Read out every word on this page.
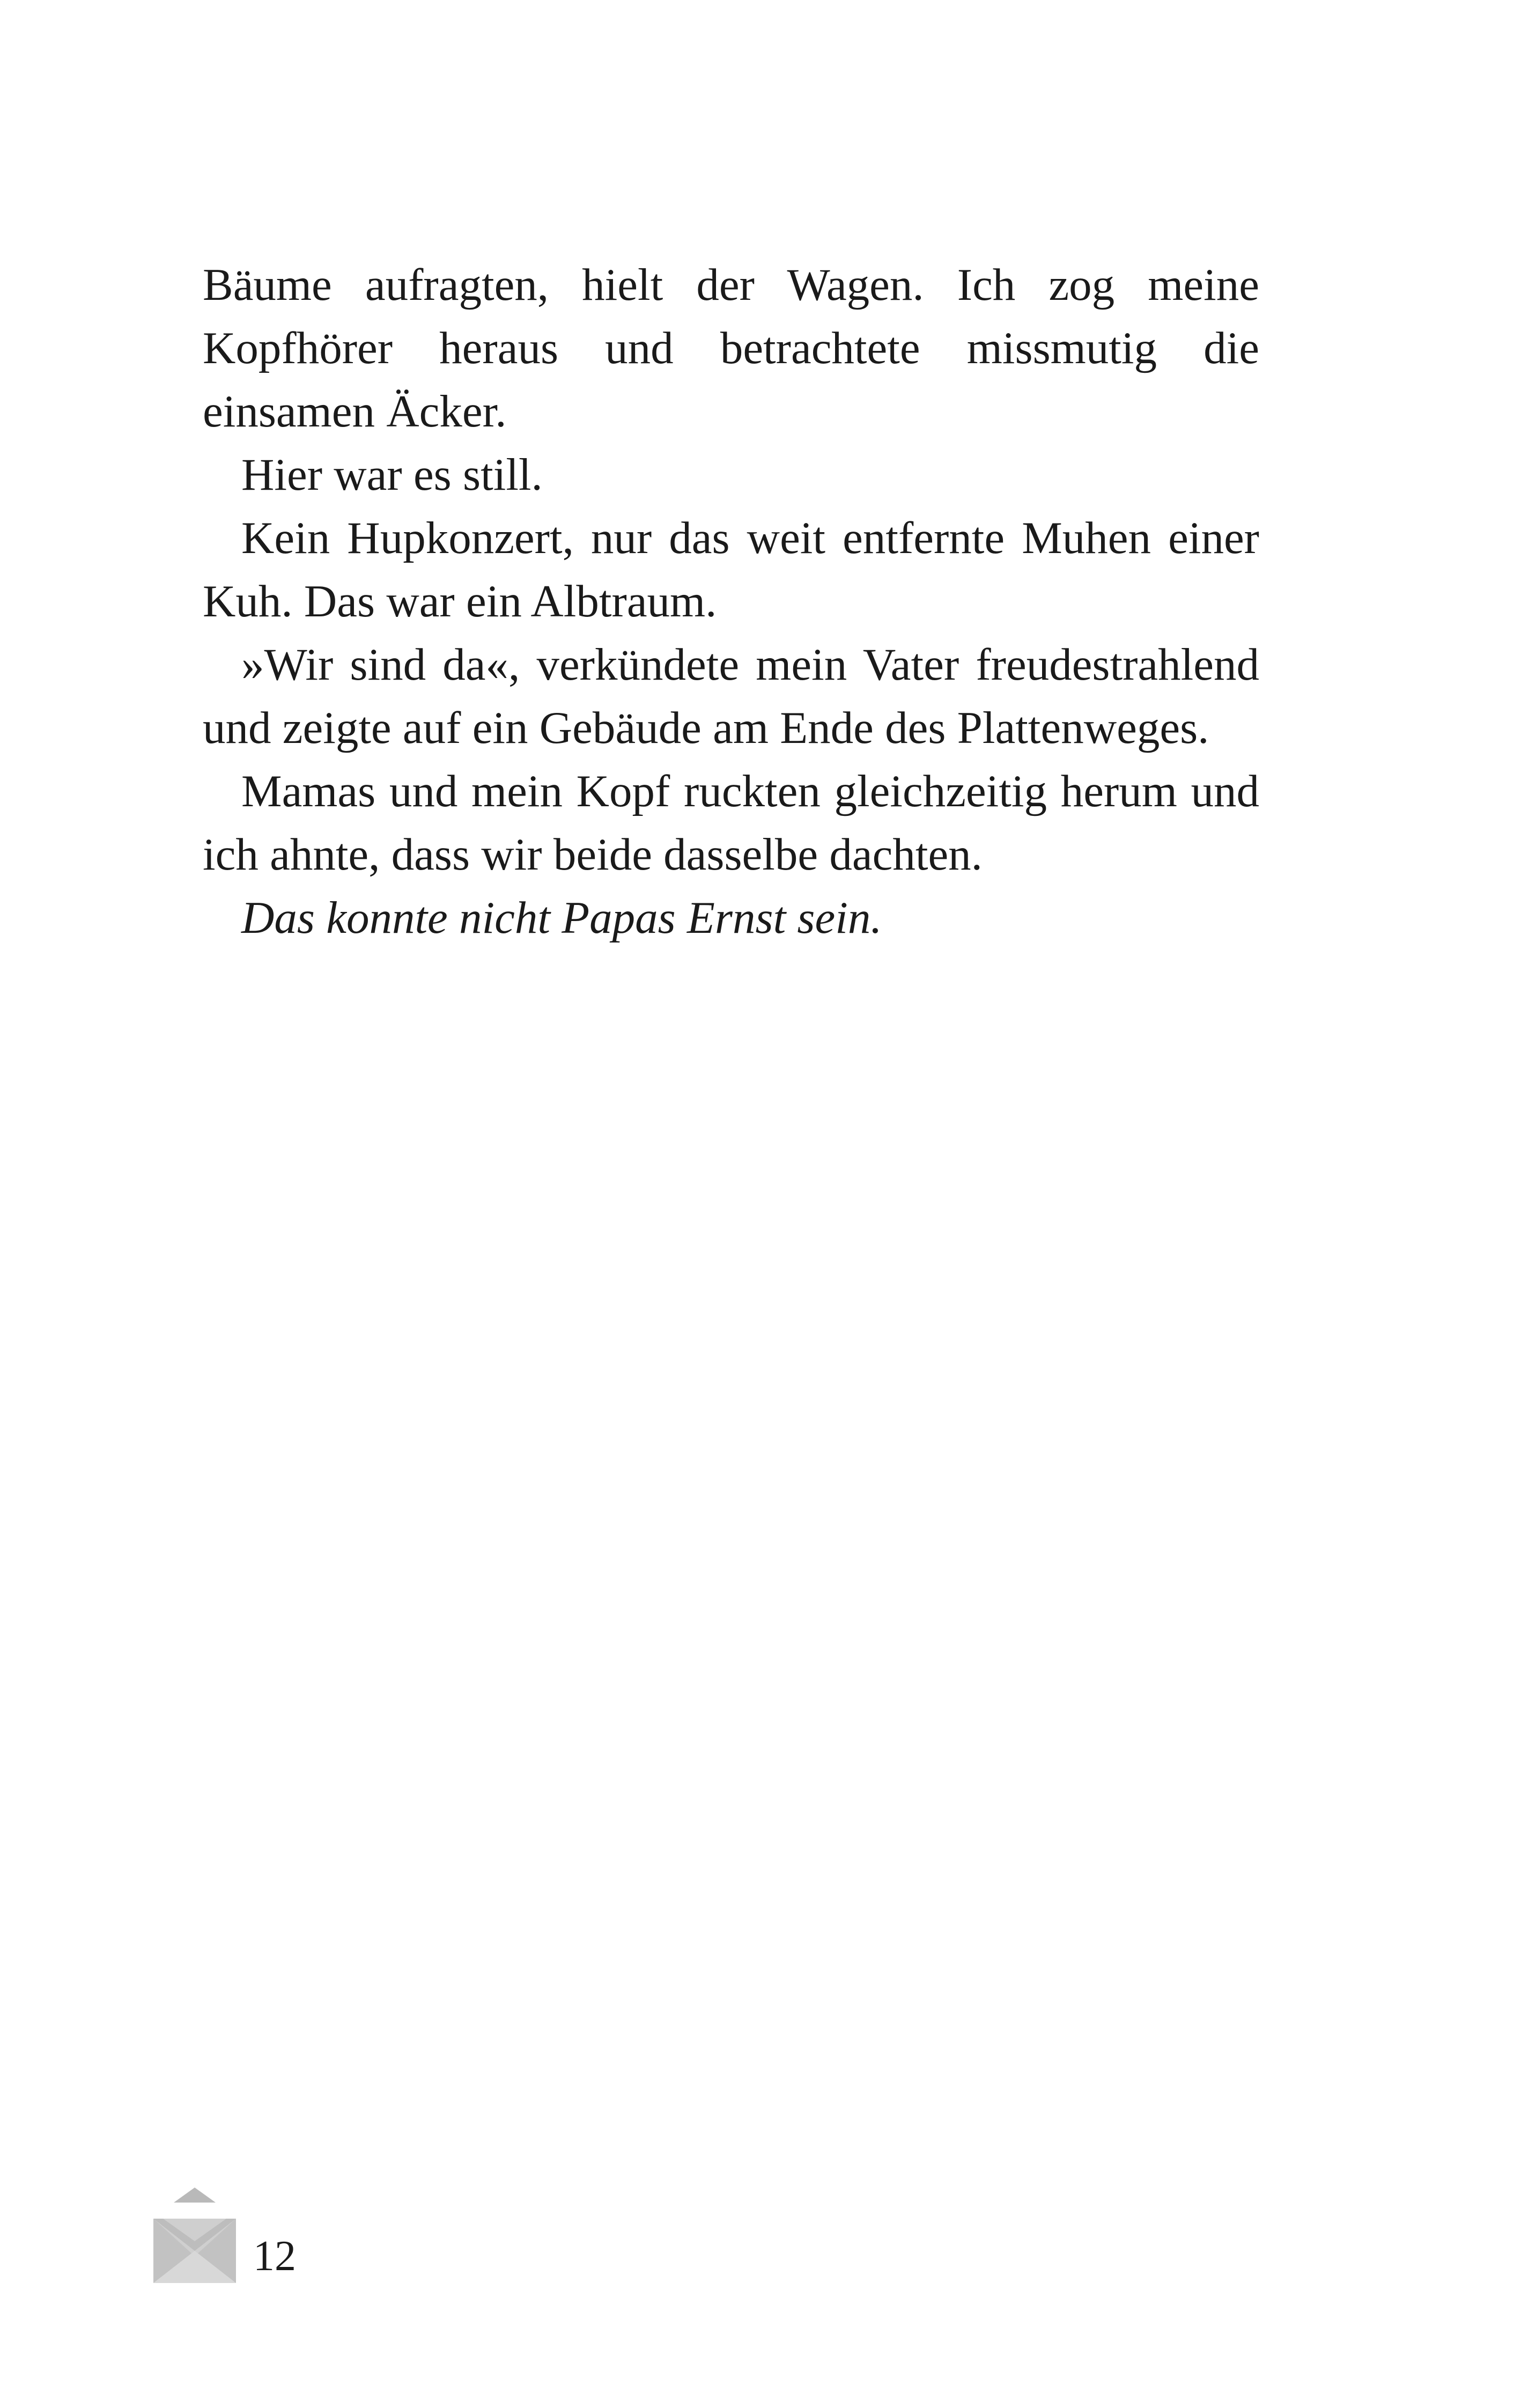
Bäume aufragten, hielt der Wagen. Ich zog meine Kopfhörer heraus und betrachtete missmutig die einsamen Äcker.

Hier war es still.

Kein Hupkonzert, nur das weit entfernte Muhen einer Kuh. Das war ein Albtraum.

»Wir sind da«, verkündete mein Vater freudestrahlend und zeigte auf ein Gebäude am Ende des Plattenweges.

Mamas und mein Kopf ruckten gleichzeitig herum und ich ahnte, dass wir beide dasselbe dachten.

Das konnte nicht Papas Ernst sein.

12
